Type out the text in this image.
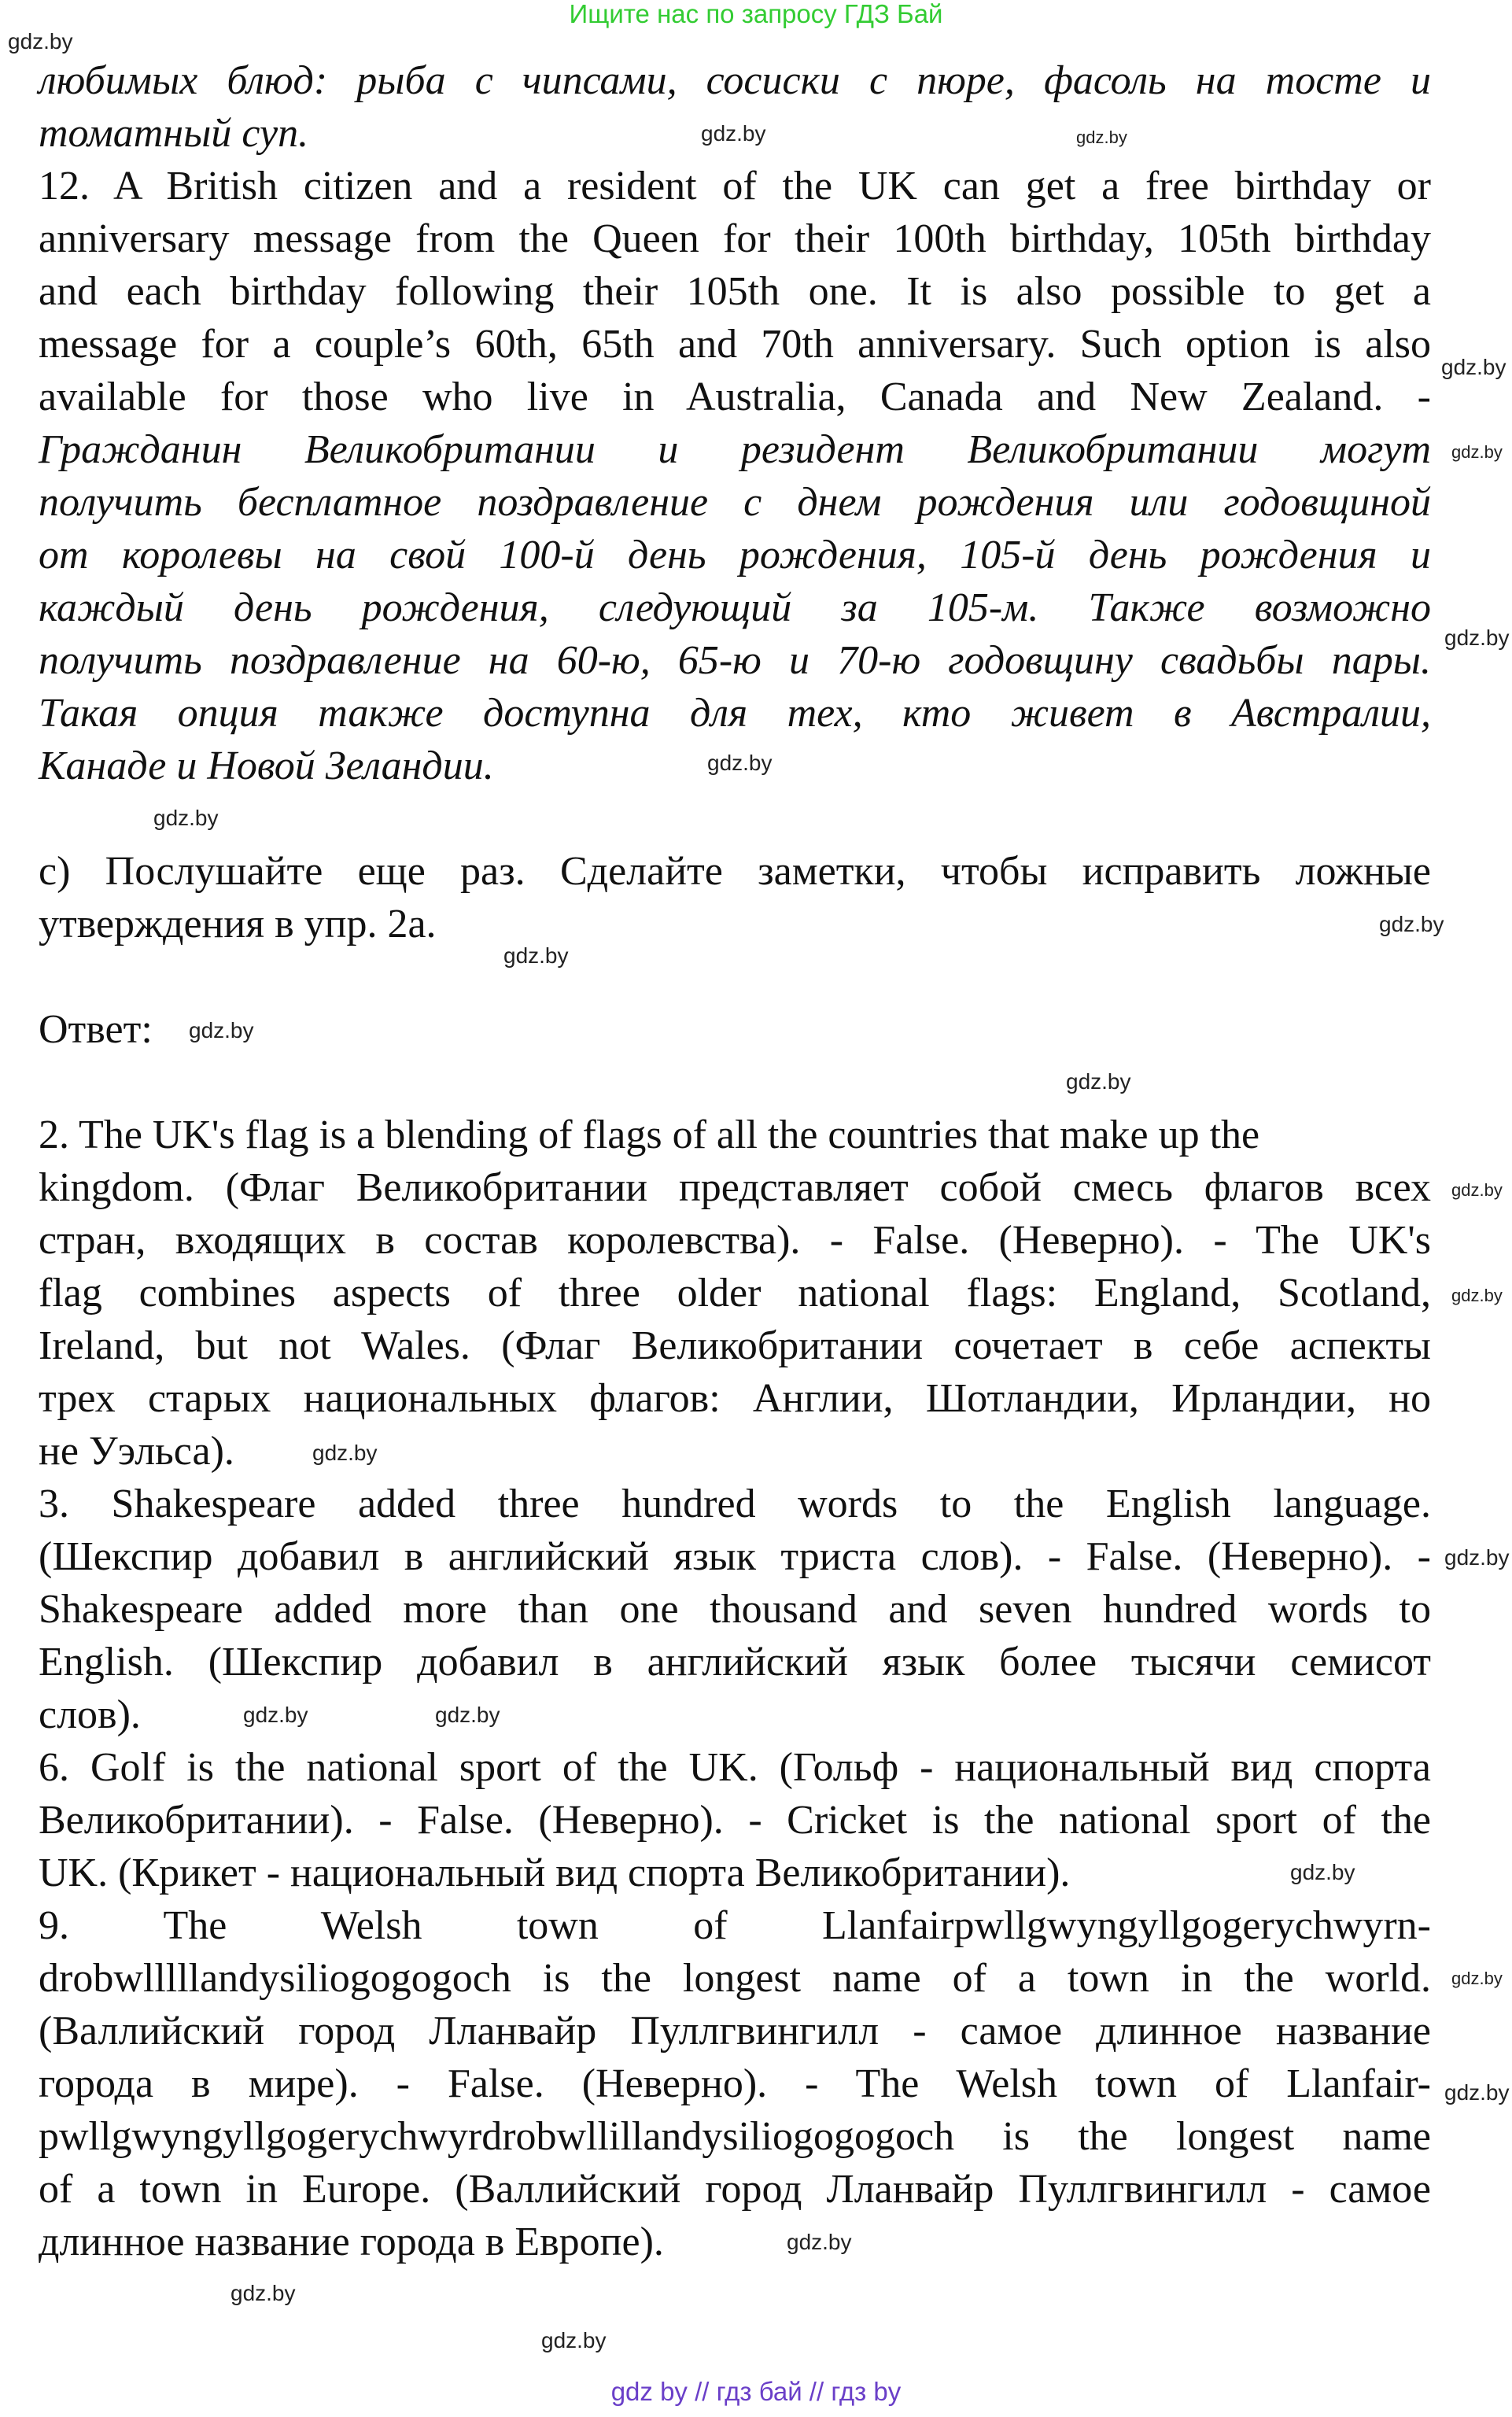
Ищите нас по запросу ГДЗ Бай
любимых блюд: рыба с чипсами, сосиски с пюре, фасоль на тосте и
томатный суп.
12. A British citizen and a resident of the UK can get a free birthday or
anniversary message from the Queen for their 100th birthday, 105th birthday
and each birthday following their 105th one. It is also possible to get a
message for a couple’s 60th, 65th and 70th anniversary. Such option is also
available for those who live in Australia, Canada and New Zealand. -
Гражданин Великобритании и резидент Великобритании могут
получить бесплатное поздравление с днем рождения или годовщиной
от королевы на свой 100-й день рождения, 105-й день рождения и
каждый день рождения, следующий за 105-м. Также возможно
получить поздравление на 60-ю, 65-ю и 70-ю годовщину свадьбы пары.
Такая опция также доступна для тех, кто живет в Австралии,
Канаде и Новой Зеландии.
c) Послушайте еще раз. Сделайте заметки, чтобы исправить ложные
утверждения в упр. 2а.
Ответ:
2. The UK's flag is a blending of flags of all the countries that make up the
kingdom. (Флаг Великобритании представляет собой смесь флагов всех
стран, входящих в состав королевства). - False. (Неверно). - The UK's
flag combines aspects of three older national flags: England, Scotland,
Ireland, but not Wales. (Флаг Великобритании сочетает в себе аспекты
трех старых национальных флагов: Англии, Шотландии, Ирландии, но
не Уэльса).
3. Shakespeare added three hundred words to the English language.
(Шекспир добавил в английский язык триста слов). - False. (Неверно). -
Shakespeare added more than one thousand and seven hundred words to
English. (Шекспир добавил в английский язык более тысячи семисот
слов).
6. Golf is the national sport of the UK. (Гольф - национальный вид спорта
Великобритании). - False. (Неверно). - Cricket is the national sport of the
UK. (Крикет - национальный вид спорта Великобритании).
9. The Welsh town of Llanfairpwllgwyngyllgogerychwyrn-
drobwlllllandysiliogogogoch is the longest name of a town in the world.
(Валлийский город Лланвайр Пуллгвингилл - самое длинное название
города в мире). - False. (Неверно). - The Welsh town of Llanfair-
pwllgwyngyllgogerychwyrdrobwllillandysiliogogogoch is the longest name
of a town in Europe. (Валлийский город Лланвайр Пуллгвингилл - самое
длинное название города в Европе).
gdz.by
gdz.by	gdz.by
gdz.by
gdz.by
gdz.by
gdz.by
gdz.by
gdz.by
gdz.by
gdz.by
gdz.by
gdz.by
gdz.by
gdz.by
gdz.by
gdz.by	gdz.by
gdz.by
gdz.by
gdz.by
gdz.by
gdz.by
gdz.by
gdz by // гдз бай // гдз by
